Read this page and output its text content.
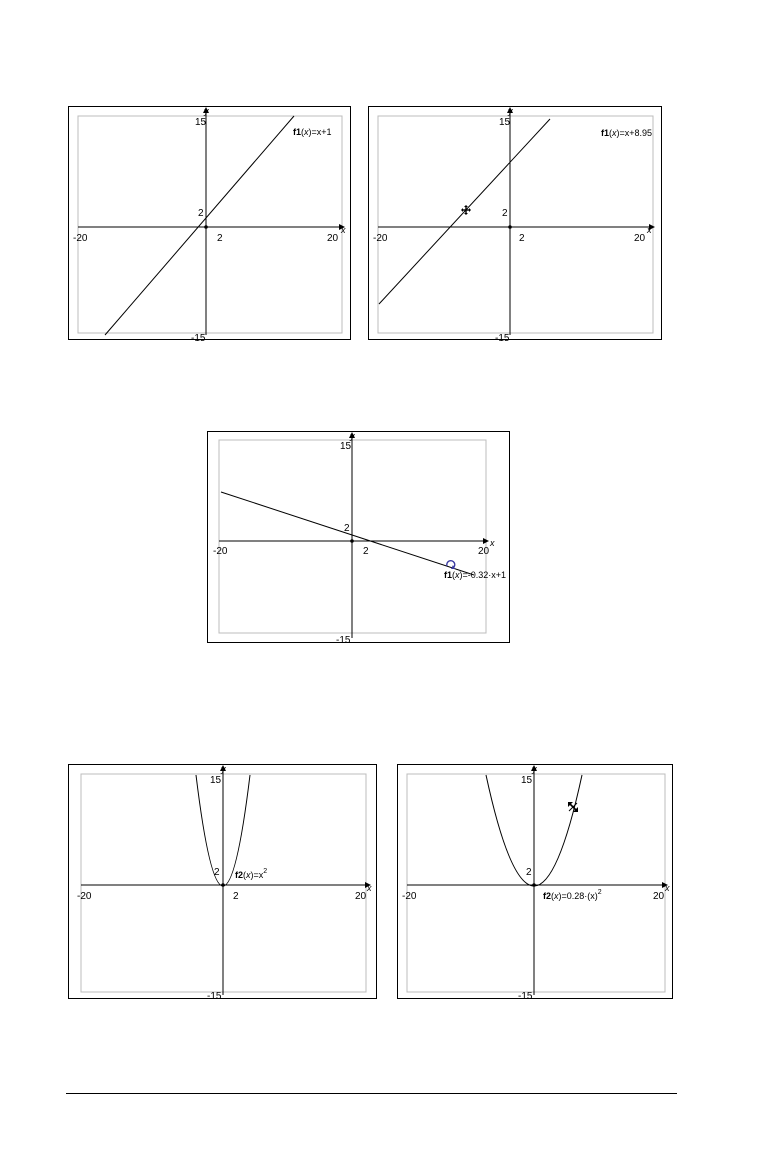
-20	20
15
-15
2
2
x
y
f1(x)=x+1
-20	20
15
-15
2
2
x
y
f1(x)=x+8.95
-20	20
15
-15
2
2
x
y
f1(x)=-0.32·x+1
-20	20
15
-15
2
2
x
y
$f2(x)=x^2$
-20	20
15
-15
2
x
y
$f2(x)=0.28\cdot(x)^2$
